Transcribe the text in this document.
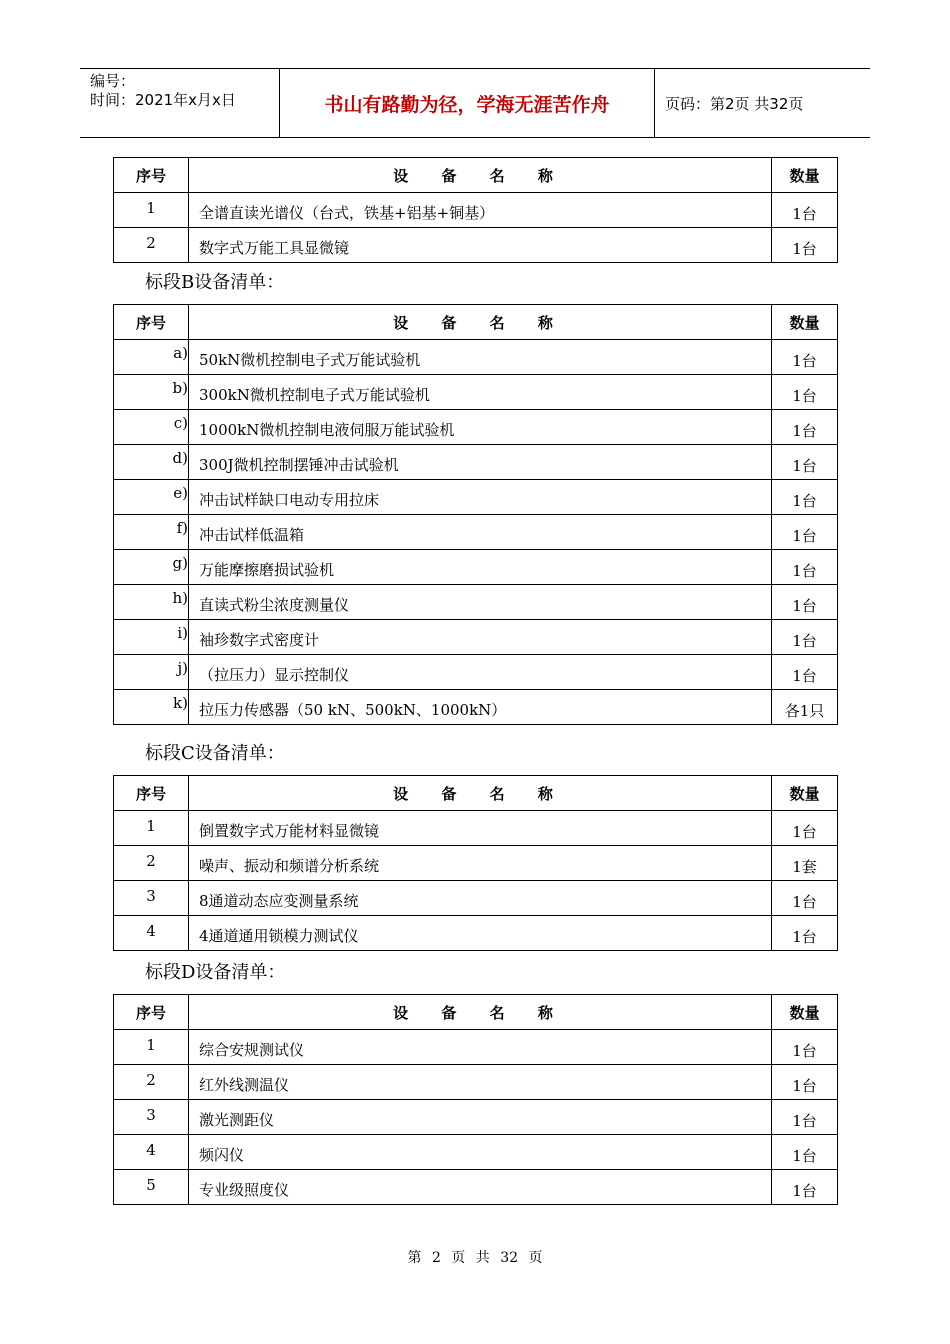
编号：
时间：2021年x月x日	书山有路勤为径，学海无涯苦作舟	页码：第2页 共32页
序号	设 备 名 称	数量
1	全谱直读光谱仪（台式，铁基+铝基+铜基）	1台
2	数字式万能工具显微镜	1台
标段B设备清单：
序号	设 备 名 称	数量
a)	50kN微机控制电子式万能试验机	1台
b)	300kN微机控制电子式万能试验机	1台
c)	1000kN微机控制电液伺服万能试验机	1台
d)	300J微机控制摆锤冲击试验机	1台
e)	冲击试样缺口电动专用拉床	1台
f)	冲击试样低温箱	1台
g)	万能摩擦磨损试验机	1台
h)	直读式粉尘浓度测量仪	1台
i)	袖珍数字式密度计	1台
j)	（拉压力）显示控制仪	1台
k)	拉压力传感器（50 kN、500kN、1000kN）	各1只
标段C设备清单：
序号	设 备 名 称	数量
1	倒置数字式万能材料显微镜	1台
2	噪声、振动和频谱分析系统	1套
3	8通道动态应变测量系统	1台
4	4通道通用锁模力测试仪	1台
标段D设备清单：
序号	设 备 名 称	数量
1	综合安规测试仪	1台
2	红外线测温仪	1台
3	激光测距仪	1台
4	频闪仪	1台
5	专业级照度仪	1台
第 2 页 共 32 页
